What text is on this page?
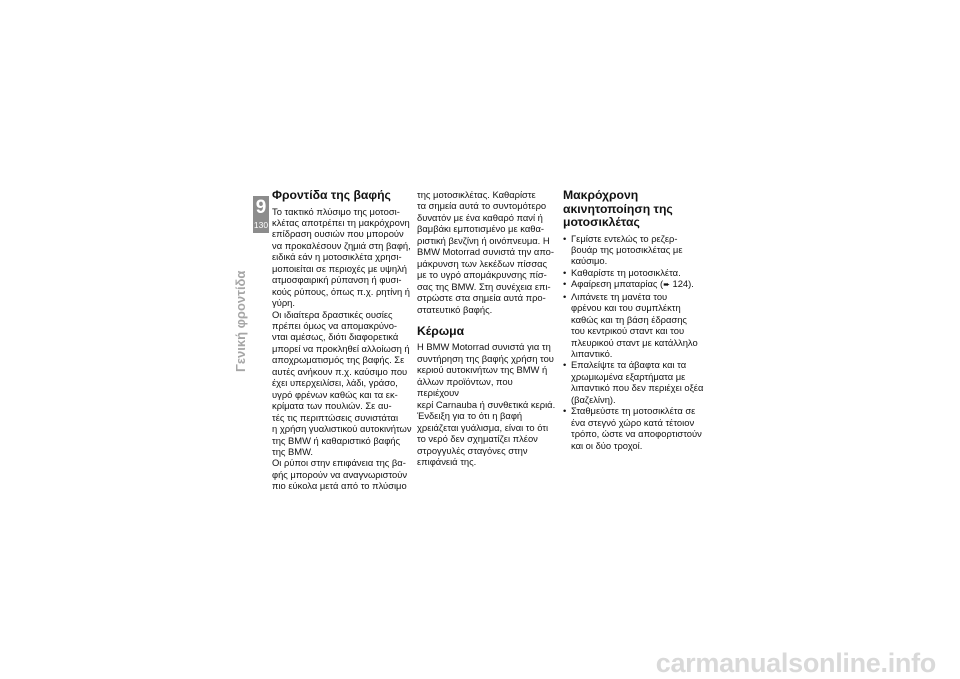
9
130
Γενική φροντίδα
Φροντίδα της βαφής

Το τακτικό πλύσιμο της μοτοσι-
κλέτας αποτρέπει τη μακρόχρονη
επίδραση ουσιών που μπορούν
να προκαλέσουν ζημιά στη βαφή,
ειδικά εάν η μοτοσικλέτα χρησι-
μοποιείται σε περιοχές με υψηλή
ατμοσφαιρική ρύπανση ή φυσι-
κούς ρύπους, όπως π.χ. ρητίνη ή
γύρη.
Οι ιδιαίτερα δραστικές ουσίες
πρέπει όμως να απομακρύνο-
νται αμέσως, διότι διαφορετικά
μπορεί να προκληθεί αλλοίωση ή
αποχρωματισμός της βαφής. Σε
αυτές ανήκουν π.χ. καύσιμο που
έχει υπερχειλίσει, λάδι, γράσο,
υγρό φρένων καθώς και τα εκ-
κρίματα των πουλιών. Σε αυ-
τές τις περιπτώσεις συνιστάται
η χρήση γυαλιστικού αυτοκινήτων
της BMW ή καθαριστικό βαφής
της BMW.
Οι ρύποι στην επιφάνεια της βα-
φής μπορούν να αναγνωριστούν
πιο εύκολα μετά από το πλύσιμο

της μοτοσικλέτας. Καθαρίστε
τα σημεία αυτά το συντομότερο
δυνατόν με ένα καθαρό πανί ή
βαμβάκι εμποτισμένο με καθα-
ριστική βενζίνη ή οινόπνευμα. Η
BMW Motorrad συνιστά την απο-
μάκρυνση των λεκέδων πίσσας
με το υγρό απομάκρυνσης πίσ-
σας της BMW. Στη συνέχεια επι-
στρώστε στα σημεία αυτά προ-
στατευτικό βαφής.

Κέρωμα

Η BMW Motorrad συνιστά για τη
συντήρηση της βαφής χρήση του
κεριού αυτοκινήτων της BMW ή
άλλων προϊόντων, που περιέχουν
κερί Carnauba ή συνθετικά κεριά.
Ένδειξη για το ότι η βαφή
χρειάζεται γυάλισμα, είναι το ότι
το νερό δεν σχηματίζει πλέον
στρογγυλές σταγόνες στην
επιφάνειά της.

Μακρόχρονη
ακινητοποίηση της
μοτοσικλέτας
• Γεμίστε εντελώς το ρεζερ-
βουάρ της μοτοσικλέτας με
καύσιμο.
• Καθαρίστε τη μοτοσικλέτα.
• Αφαίρεση μπαταρίας (➨ 124).
• Λιπάνετε τη μανέτα του
φρένου και του συμπλέκτη
καθώς και τη βάση έδρασης
του κεντρικού σταντ και του
πλευρικού σταντ με κατάλληλο
λιπαντικό.
• Επαλείψτε τα άβαφτα και τα
χρωμιωμένα εξαρτήματα με
λιπαντικό που δεν περιέχει οξέα
(βαζελίνη).
• Σταθμεύστε τη μοτοσικλέτα σε
ένα στεγνό χώρο κατά τέτοιον
τρόπο, ώστε να αποφορτιστούν
και οι δύο τροχοί.
carmanualsonline.info
